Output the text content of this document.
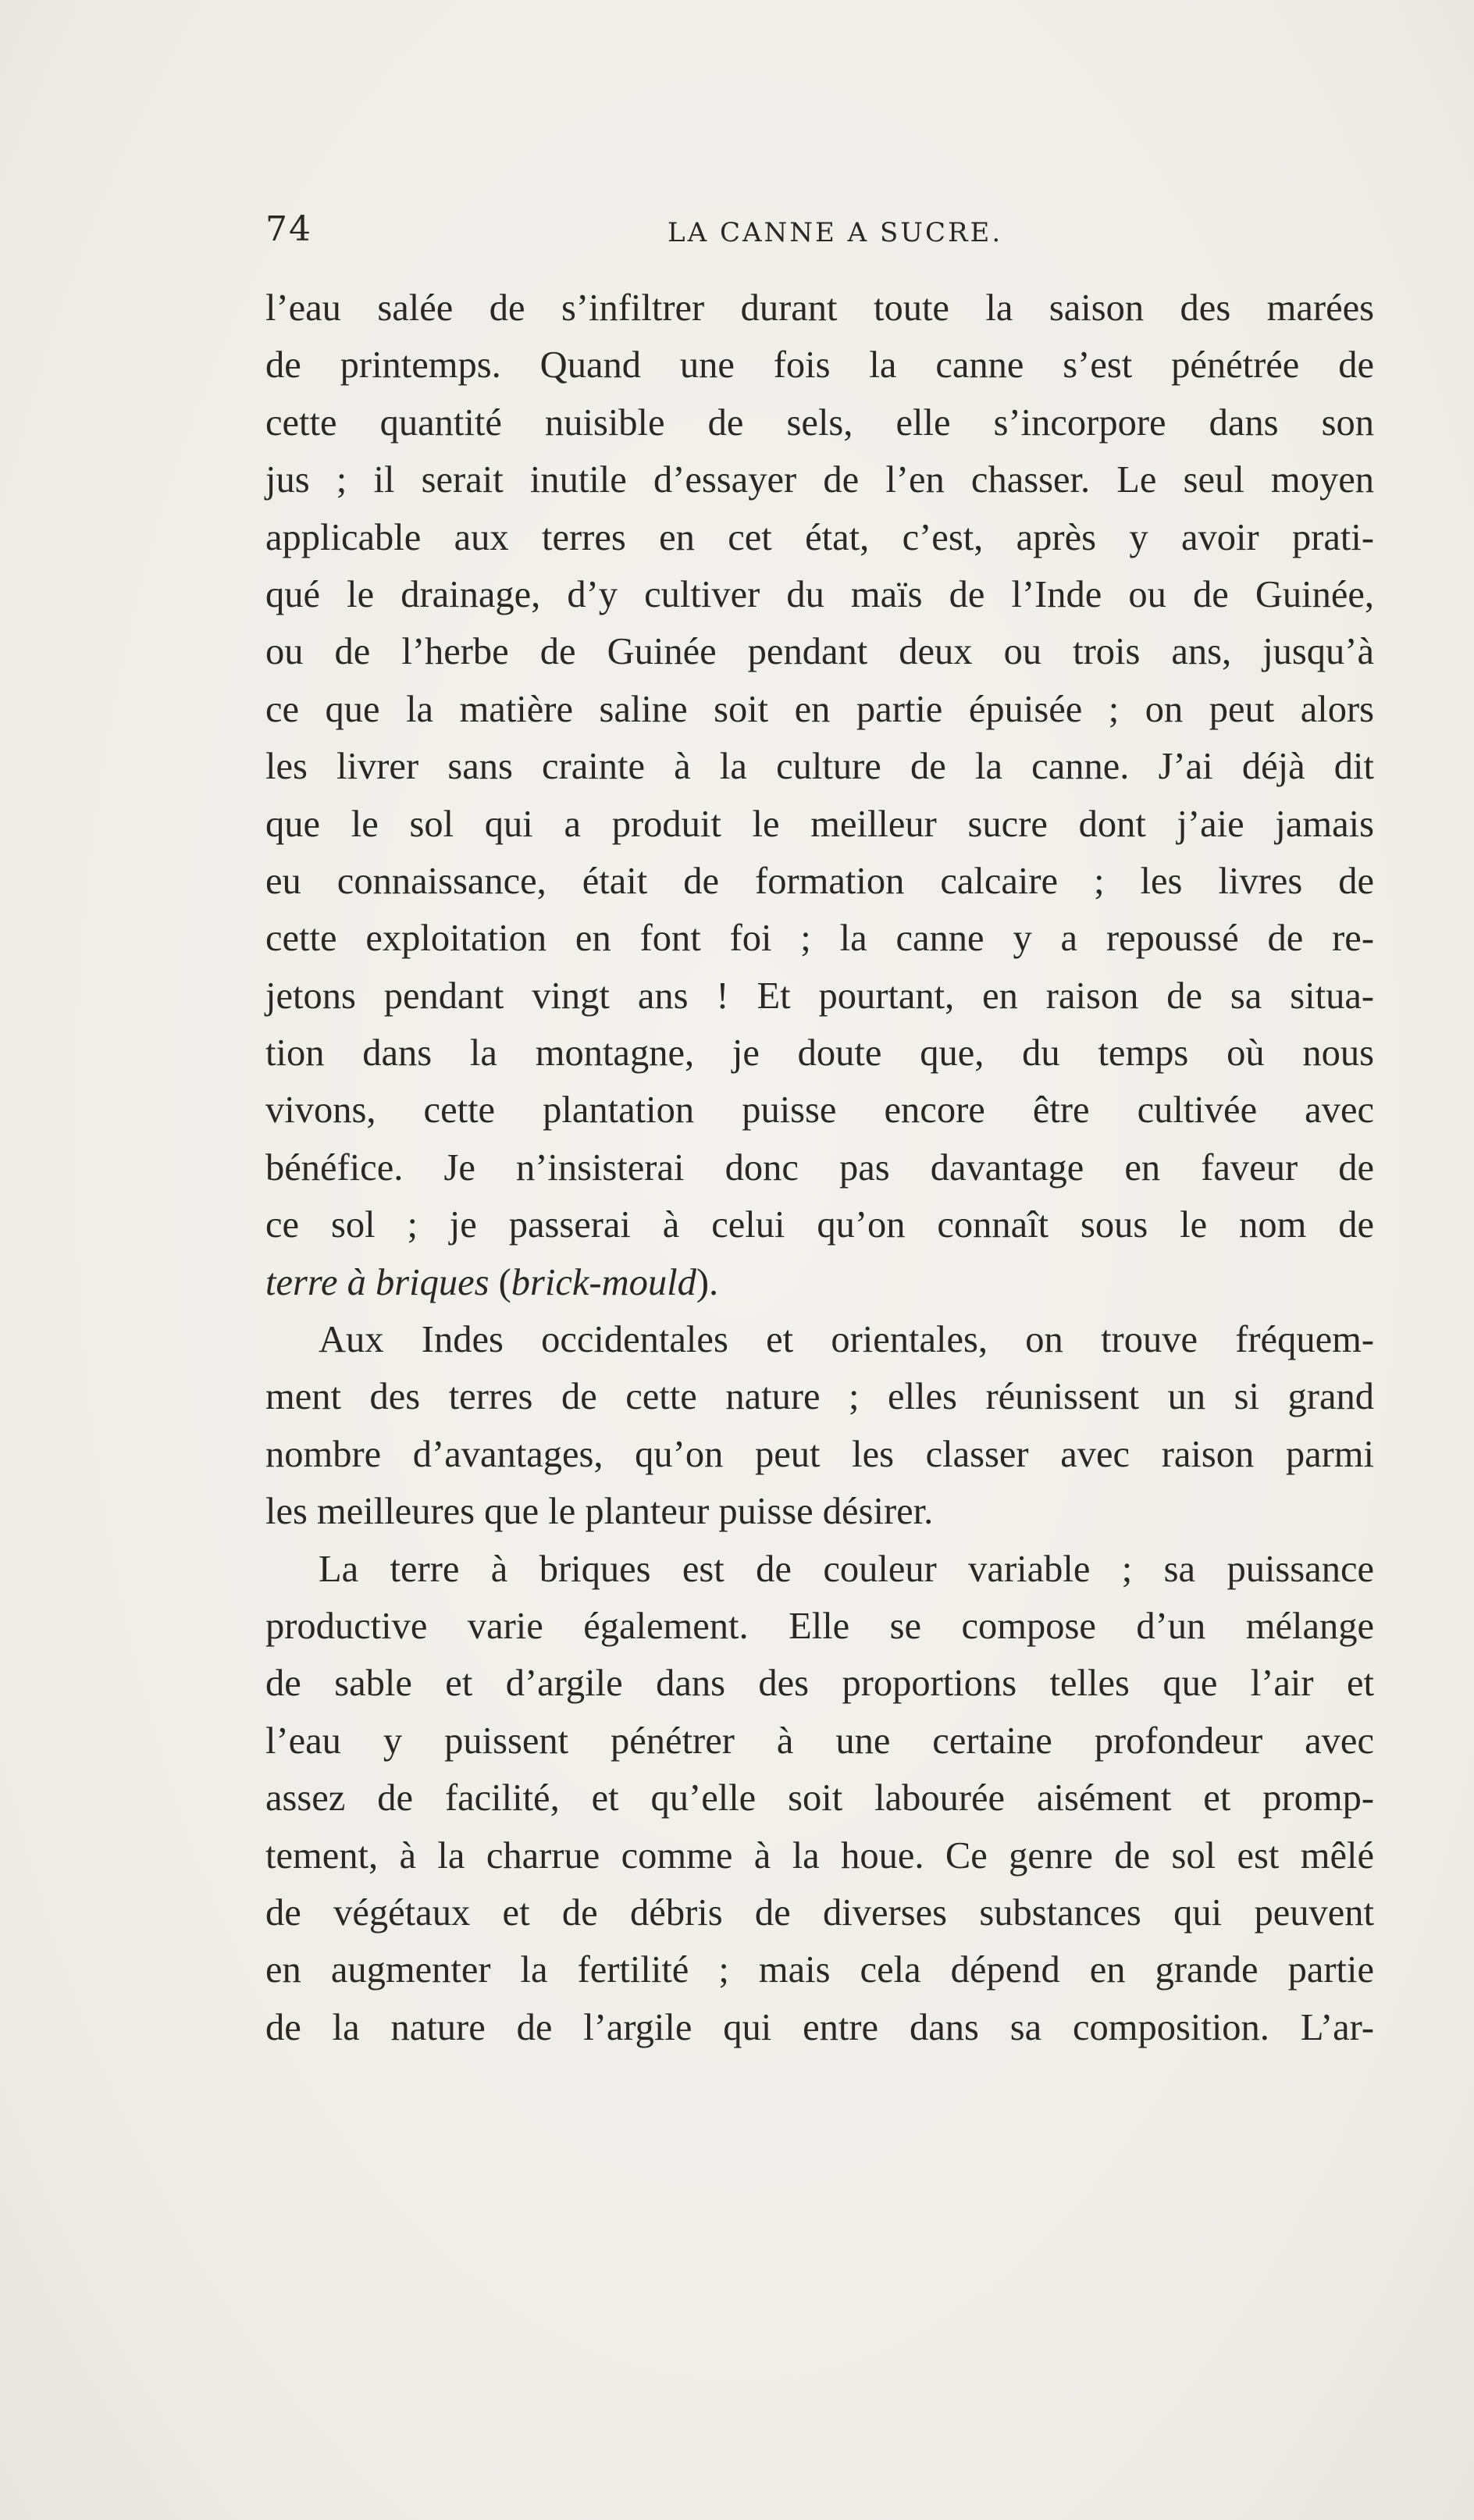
74	LA CANNE A SUCRE.
l’eau salée de s’infiltrer durant toute la saison des marées
de printemps. Quand une fois la canne s’est pénétrée de
cette quantité nuisible de sels, elle s’incorpore dans son
jus ; il serait inutile d’essayer de l’en chasser. Le seul moyen
applicable aux terres en cet état, c’est, après y avoir prati-
qué le drainage, d’y cultiver du maïs de l’Inde ou de Guinée,
ou de l’herbe de Guinée pendant deux ou trois ans, jusqu’à
ce que la matière saline soit en partie épuisée ; on peut alors
les livrer sans crainte à la culture de la canne. J’ai déjà dit
que le sol qui a produit le meilleur sucre dont j’aie jamais
eu connaissance, était de formation calcaire ; les livres de
cette exploitation en font foi ; la canne y a repoussé de re-
jetons pendant vingt ans ! Et pourtant, en raison de sa situa-
tion dans la montagne, je doute que, du temps où nous
vivons, cette plantation puisse encore être cultivée avec
bénéfice. Je n’insisterai donc pas davantage en faveur de
ce sol ; je passerai à celui qu’on connaît sous le nom de
terre à briques (brick-mould).
Aux Indes occidentales et orientales, on trouve fréquem-
ment des terres de cette nature ; elles réunissent un si grand
nombre d’avantages, qu’on peut les classer avec raison parmi
les meilleures que le planteur puisse désirer.
La terre à briques est de couleur variable ; sa puissance
productive varie également. Elle se compose d’un mélange
de sable et d’argile dans des proportions telles que l’air et
l’eau y puissent pénétrer à une certaine profondeur avec
assez de facilité, et qu’elle soit labourée aisément et promp-
tement, à la charrue comme à la houe. Ce genre de sol est mêlé
de végétaux et de débris de diverses substances qui peuvent
en augmenter la fertilité ; mais cela dépend en grande partie
de la nature de l’argile qui entre dans sa composition. L’ar-
